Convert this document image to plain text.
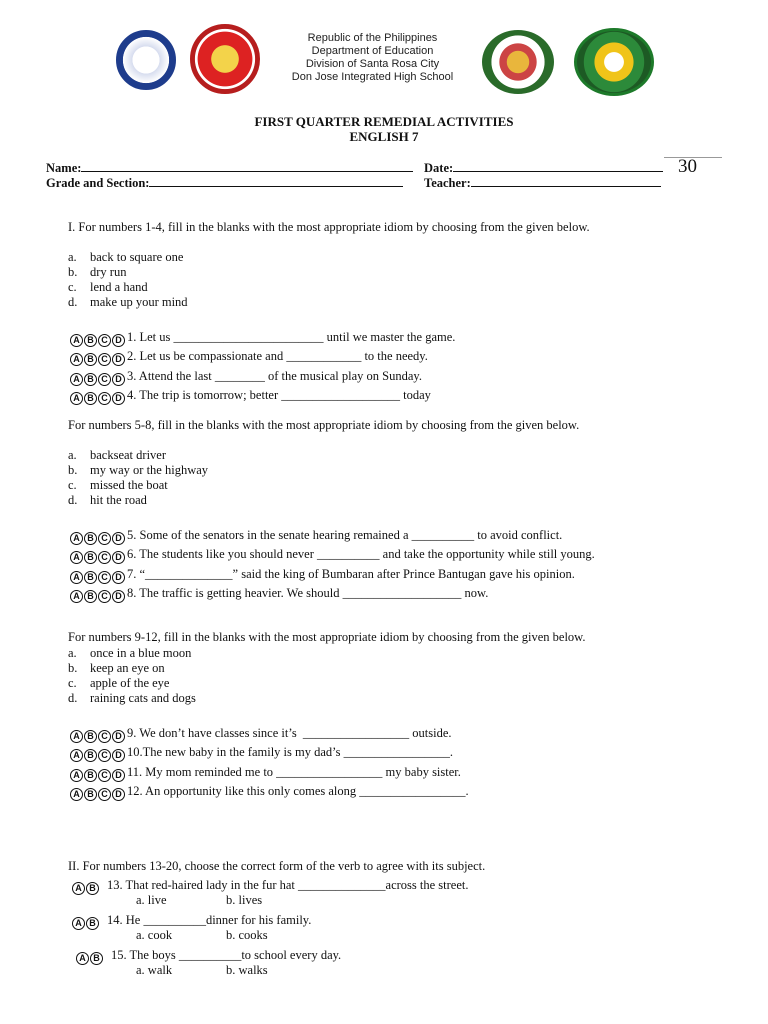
Republic of the Philippines
Department of Education
Division of Santa Rosa City
Don Jose Integrated High School
FIRST QUARTER REMEDIAL ACTIVITIES
ENGLISH 7
30
Name:	Date:
Grade and Section:	Teacher:
I. For numbers 1-4, fill in the blanks with the most appropriate idiom by choosing from the given below.
a. back to square one
b. dry run
c. lend a hand
d. make up your mind
A B C D 1. Let us ________________________ until we master the game.
A B C D 2. Let us be compassionate and ____________ to the needy.
A B C D 3. Attend the last ________ of the musical play on Sunday.
A B C D 4. The trip is tomorrow; better ___________________ today
For numbers 5-8, fill in the blanks with the most appropriate idiom by choosing from the given below.
a. backseat driver
b. my way or the highway
c. missed the boat
d. hit the road
A B C D 5. Some of the senators in the senate hearing remained a __________ to avoid conflict.
A B C D 6. The students like you should never __________ and take the opportunity while still young.
A B C D 7. “______________” said the king of Bumbaran after Prince Bantugan gave his opinion.
A B C D 8. The traffic is getting heavier. We should ___________________ now.
For numbers 9-12, fill in the blanks with the most appropriate idiom by choosing from the given below.
a. once in a blue moon
b. keep an eye on
c. apple of the eye
d. raining cats and dogs
A B C D 9. We don’t have classes since it’s  _________________ outside.
A B C D 10.The new baby in the family is my dad’s _________________.
A B C D 11. My mom reminded me to _________________ my baby sister.
A B C D 12. An opportunity like this only comes along _________________.
II. For numbers 13-20, choose the correct form of the verb to agree with its subject.
A B 13. That red-haired lady in the fur hat ______________across the street.
a. live	b. lives
A B 14. He __________dinner for his family.
a. cook	b. cooks
A B 15. The boys __________to school every day.
a. walk	b. walks
